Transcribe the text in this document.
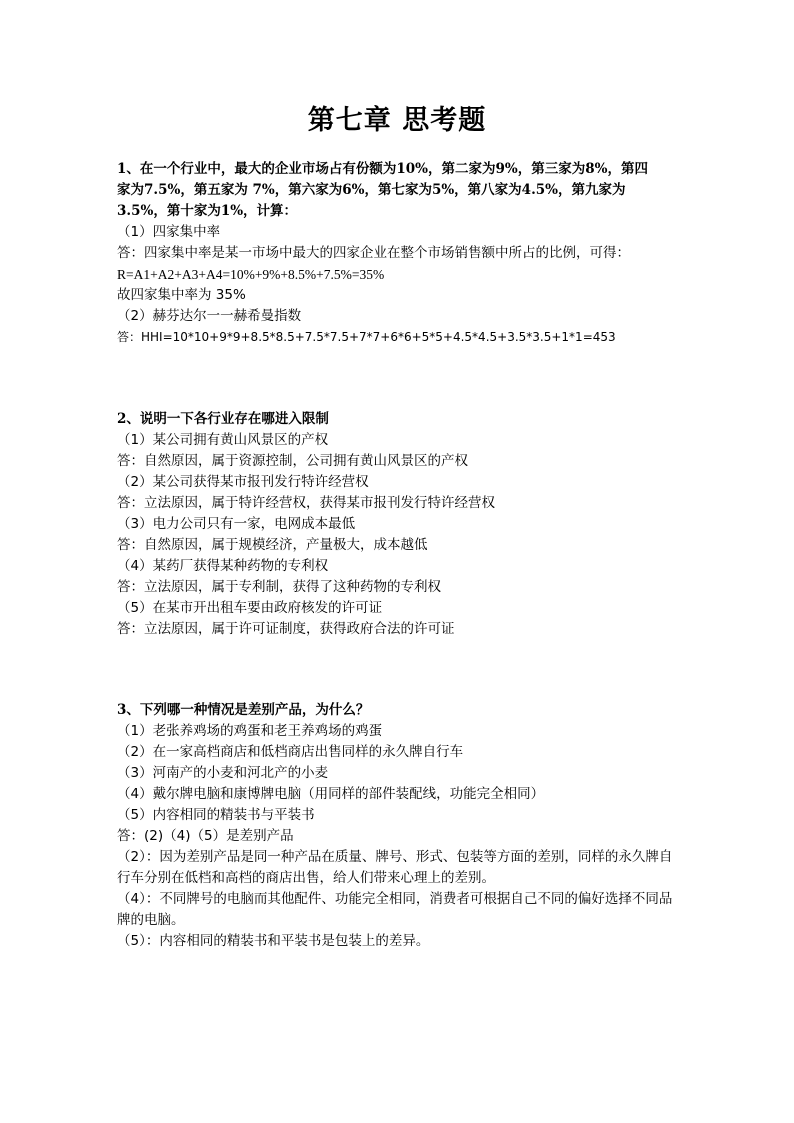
第七章 思考题
1、在一个行业中，最大的企业市场占有份额为10%，第二家为9%，第三家为8%，第四
家为7.5%，第五家为 7%，第六家为6%，第七家为5%，第八家为4.5%，第九家为
3.5%，第十家为1%，计算：
（1）四家集中率
答：四家集中率是某一市场中最大的四家企业在整个市场销售额中所占的比例，可得：
R=A1+A2+A3+A4=10%+9%+8.5%+7.5%=35%
故四家集中率为 35%
（2）赫芬达尔一一赫希曼指数
答：HHI=10*10+9*9+8.5*8.5+7.5*7.5+7*7+6*6+5*5+4.5*4.5+3.5*3.5+1*1=453
2、说明一下各行业存在哪进入限制
（1）某公司拥有黄山风景区的产权
答：自然原因，属于资源控制，公司拥有黄山风景区的产权
（2）某公司获得某市报刊发行特许经营权
答：立法原因，属于特许经营权，获得某市报刊发行特许经营权
（3）电力公司只有一家，电网成本最低
答：自然原因，属于规模经济，产量极大，成本越低
（4）某药厂获得某种药物的专利权
答：立法原因，属于专利制，获得了这种药物的专利权
（5）在某市开出租车要由政府核发的许可证
答：立法原因，属于许可证制度，获得政府合法的许可证
3、下列哪一种情况是差别产品，为什么？
（1）老张养鸡场的鸡蛋和老王养鸡场的鸡蛋
（2）在一家高档商店和低档商店出售同样的永久牌自行车
（3）河南产的小麦和河北产的小麦
（4）戴尔牌电脑和康博牌电脑（用同样的部件装配线，功能完全相同）
（5）内容相同的精装书与平装书
答：(2)（4)（5）是差别产品
（2）：因为差别产品是同一种产品在质量、牌号、形式、包装等方面的差别，同样的永久牌自行车分别在低档和高档的商店出售，给人们带来心理上的差别。
（4）：不同牌号的电脑而其他配件、功能完全相同，消费者可根据自己不同的偏好选择不同品牌的电脑。
（5）：内容相同的精装书和平装书是包装上的差异。
